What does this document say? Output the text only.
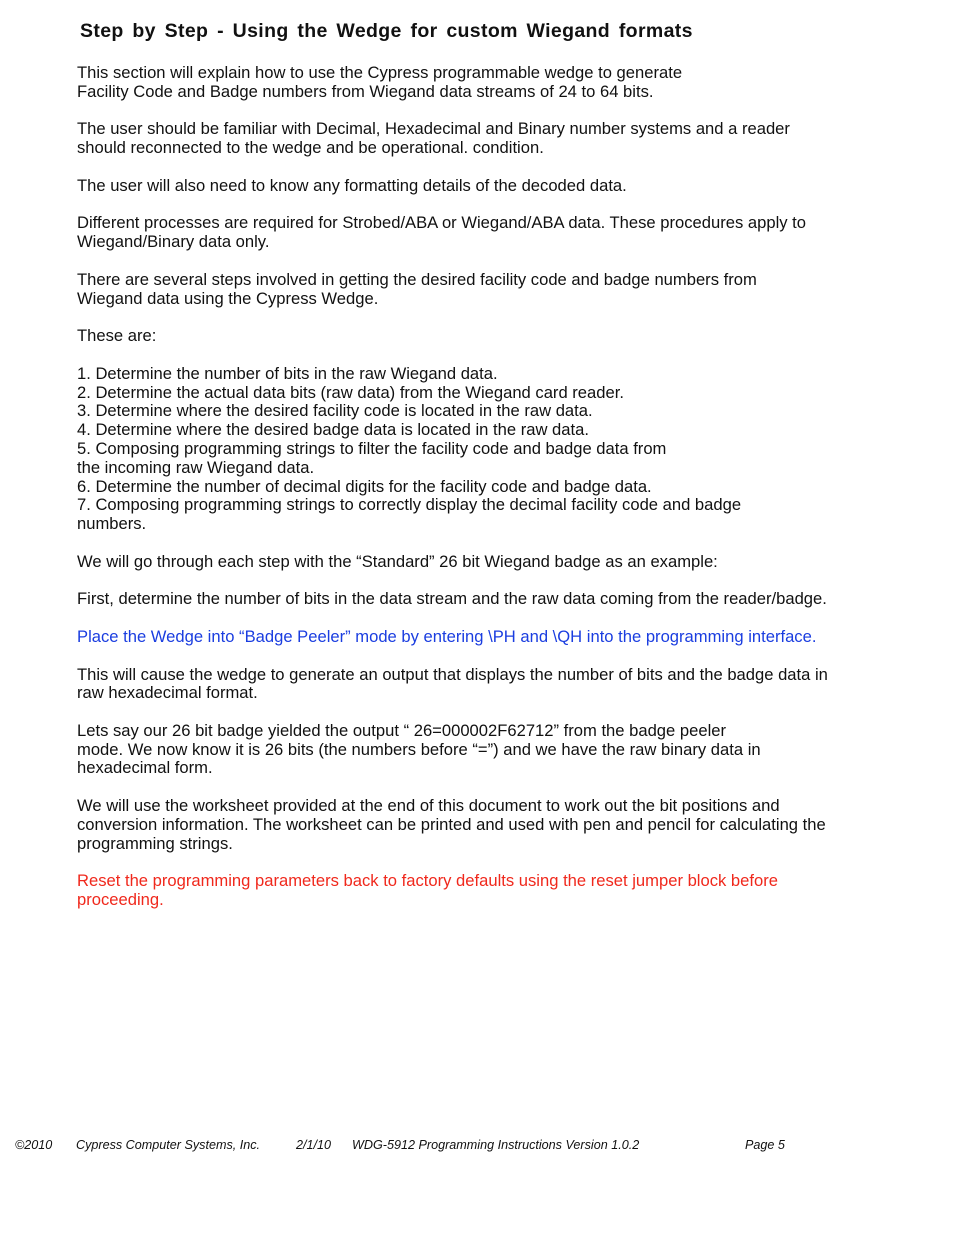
Step by Step - Using the Wedge for custom Wiegand formats

This section will explain how to use the Cypress programmable wedge to generate
Facility Code and Badge numbers from Wiegand data streams of 24 to 64 bits.

The user should be familiar with Decimal, Hexadecimal and Binary number systems and a reader
should reconnected to the wedge and be operational. condition.

The user will also need to know any formatting details of the decoded data.

Different processes are required for Strobed/ABA or Wiegand/ABA data. These procedures apply to
Wiegand/Binary data only.

There are several steps involved in getting the desired facility code and badge numbers from
Wiegand data using the Cypress Wedge.

These are:

1. Determine the number of bits in the raw Wiegand data.
2. Determine the actual data bits (raw data) from the Wiegand card reader.
3. Determine where the desired facility code is located in the raw data.
4. Determine where the desired badge data is located in the raw data.
5. Composing programming strings to filter the facility code and badge data from
the incoming raw Wiegand data.
6. Determine the number of decimal digits for the facility code and badge data.
7. Composing programming strings to correctly display the decimal facility code and badge
numbers.

We will go through each step with the “Standard” 26 bit Wiegand badge as an example:

First, determine the number of bits in the data stream and the raw data coming from the reader/badge.

Place the Wedge into “Badge Peeler” mode by entering \PH and \QH into the programming interface.

This will cause the wedge to generate an output that displays the number of bits and the badge data in
raw hexadecimal format.

Lets say our 26 bit badge yielded the output “ 26=000002F62712” from the badge peeler
mode. We now know it is 26 bits (the numbers before “=”) and we have the raw binary data in
hexadecimal form.

We will use the worksheet provided at the end of this document to work out the bit positions and
conversion information. The worksheet can be printed and used with pen and pencil for calculating the
programming strings.

Reset the programming parameters back to factory defaults using the reset jumper block before
proceeding.

©2010 Cypress Computer Systems, Inc.	2/1/10 WDG-5912 Programming Instructions Version 1.0.2	Page 5
